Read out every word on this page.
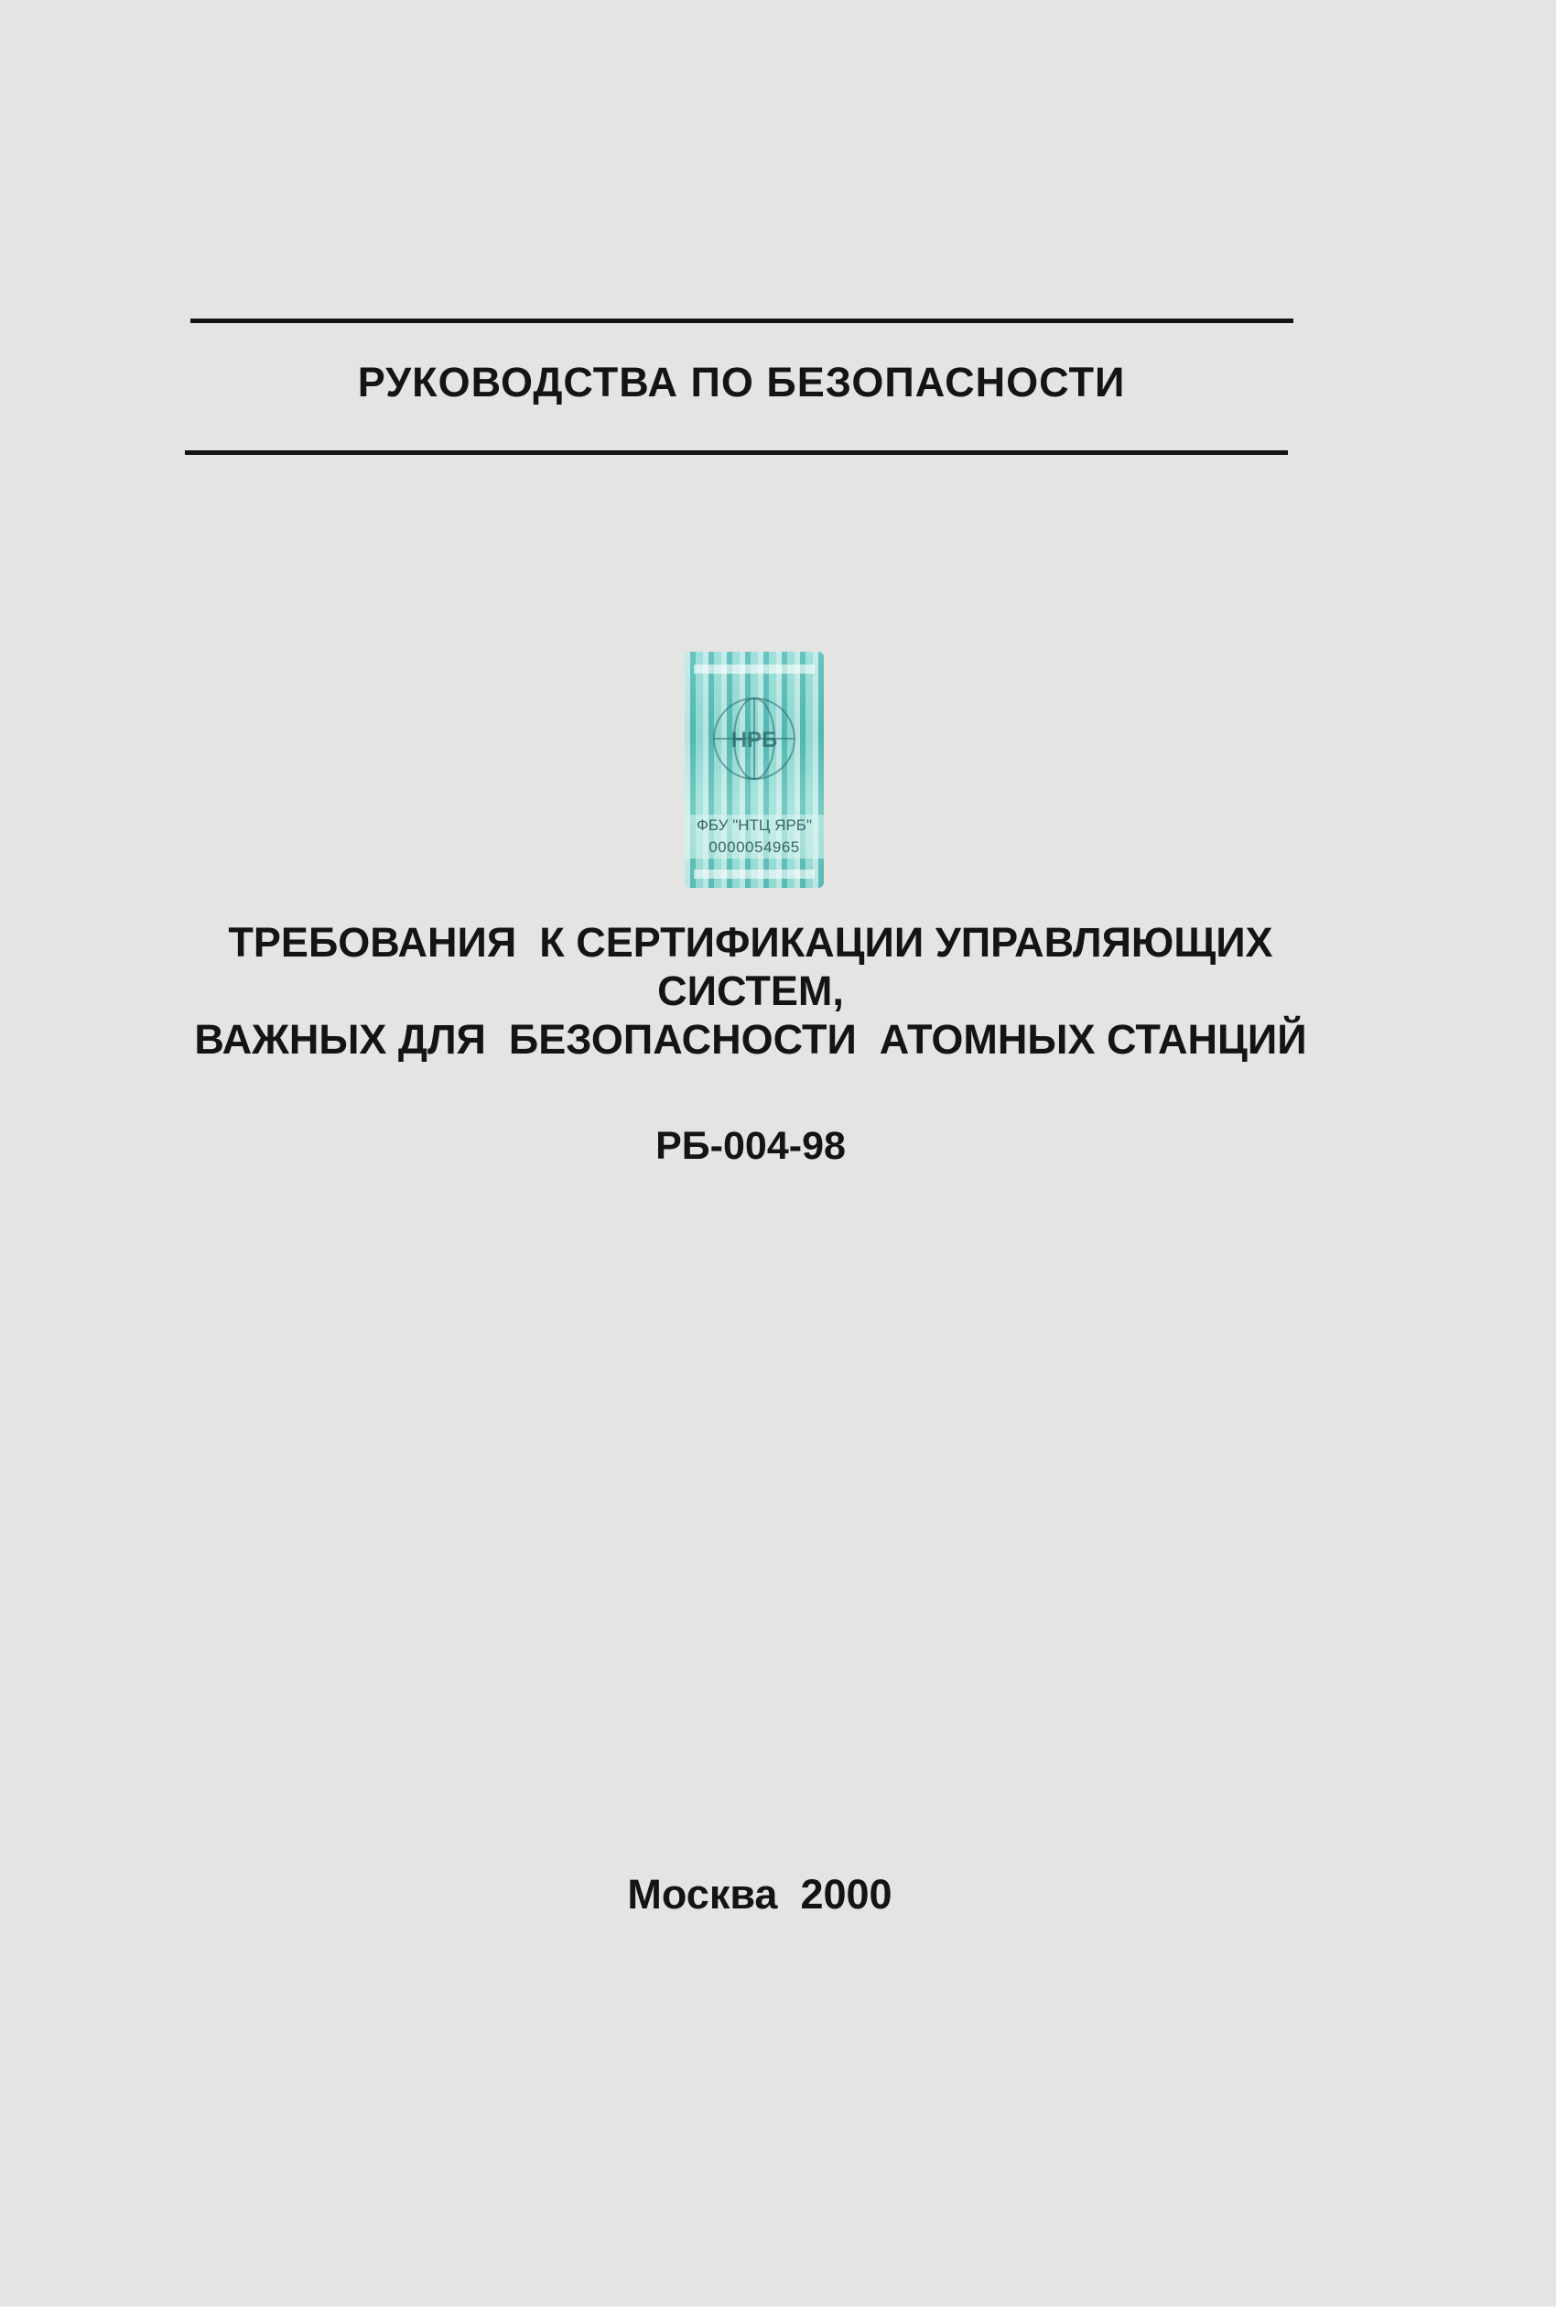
РУКОВОДСТВА ПО БЕЗОПАСНОСТИ
НРБ
ФБУ "НТЦ ЯРБ"
0000054965
ТРЕБОВАНИЯ  К СЕРТИФИКАЦИИ УПРАВЛЯЮЩИХ
СИСТЕМ,
ВАЖНЫХ ДЛЯ  БЕЗОПАСНОСТИ  АТОМНЫХ СТАНЦИЙ
РБ-004-98
Москва  2000
